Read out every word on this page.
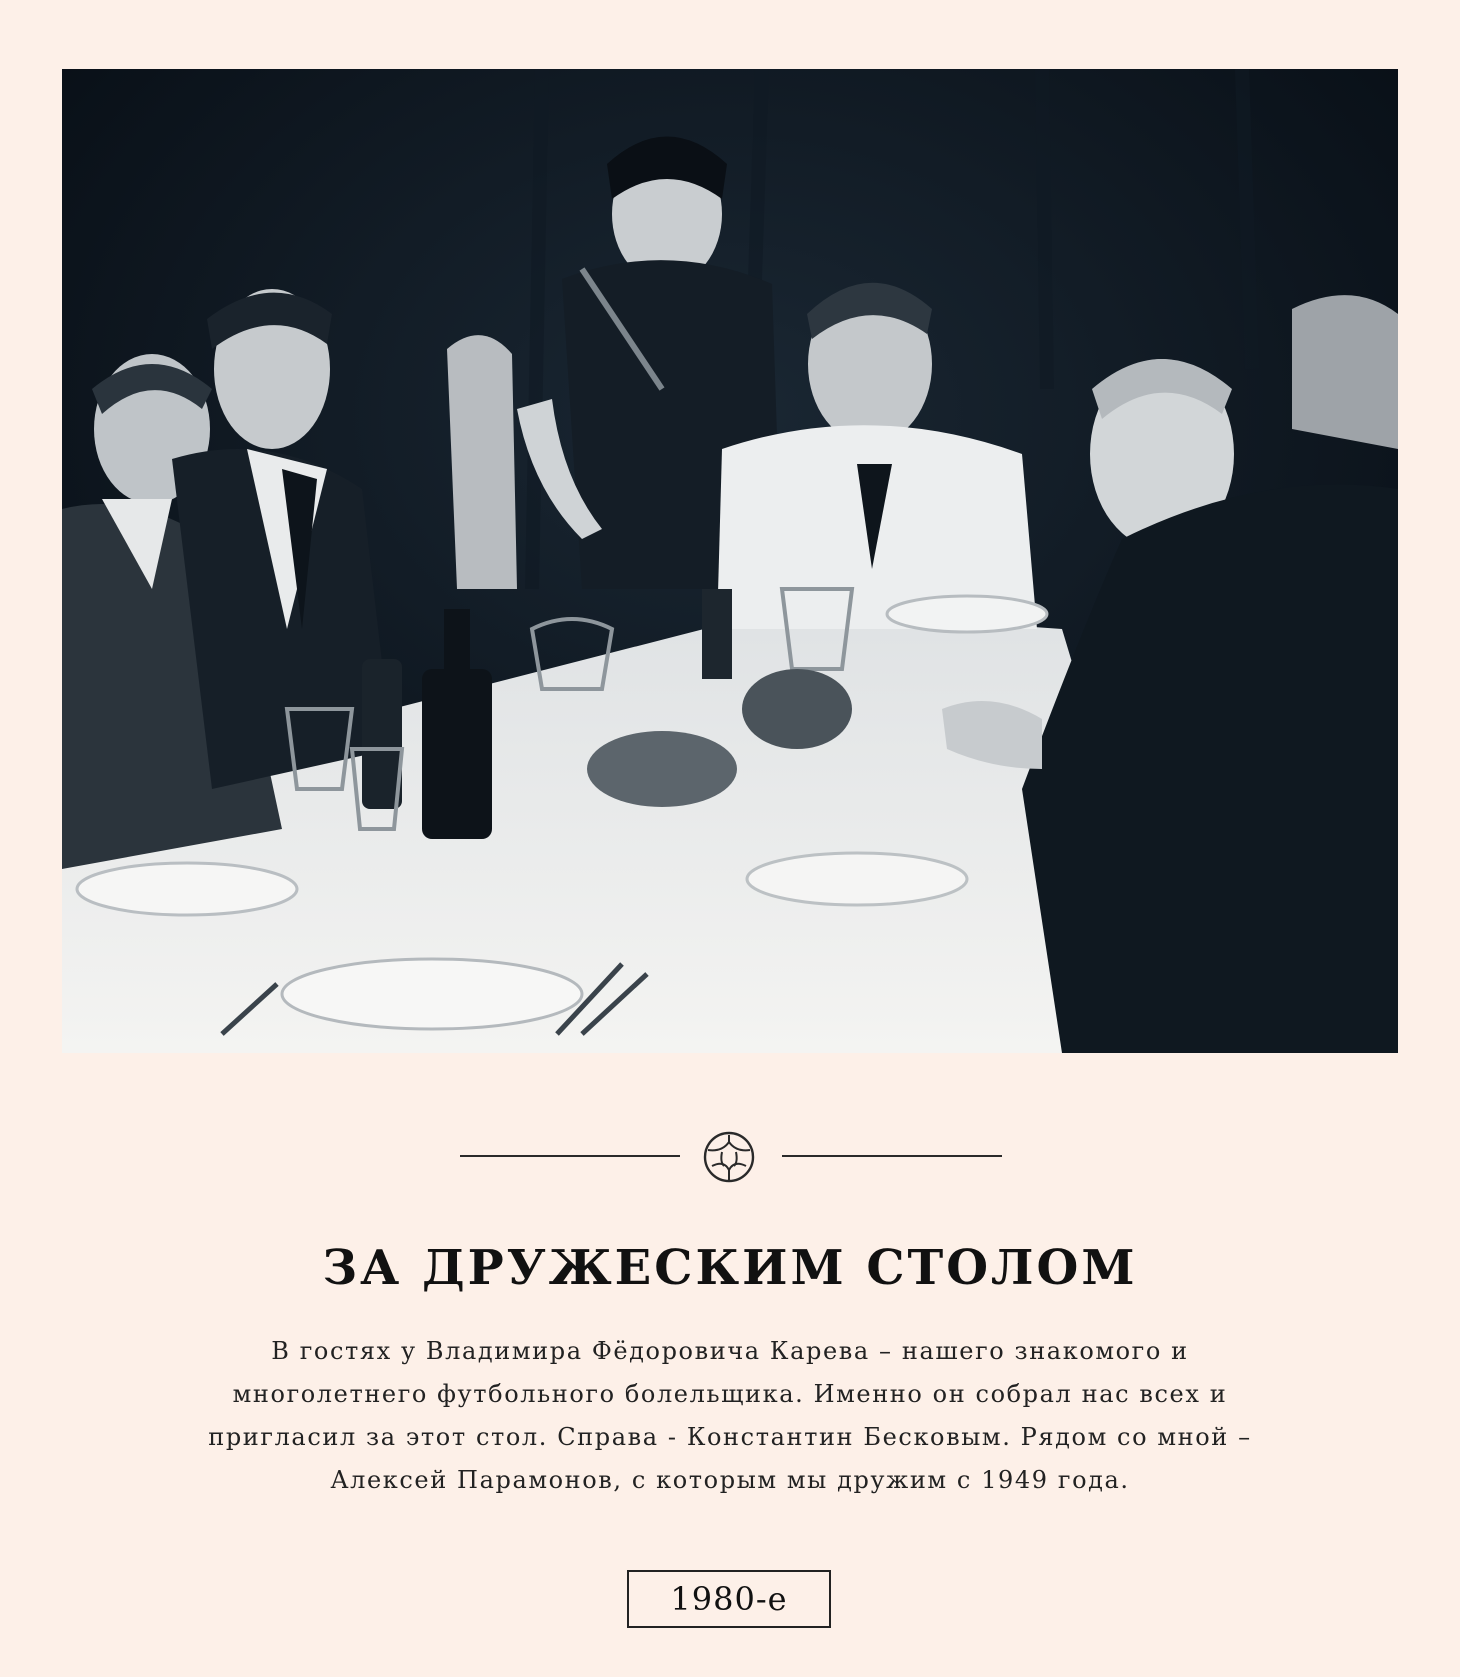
ЗА ДРУЖЕСКИМ СТОЛОМ
В гостях у Владимира Фёдоровича Карева – нашего знакомого и
многолетнего футбольного болельщика. Именно он собрал нас всех и
пригласил за этот стол. Справа - Константин Бесковым. Рядом со мной –
Алексей Парамонов, с которым мы дружим с 1949 года.
1980-е
